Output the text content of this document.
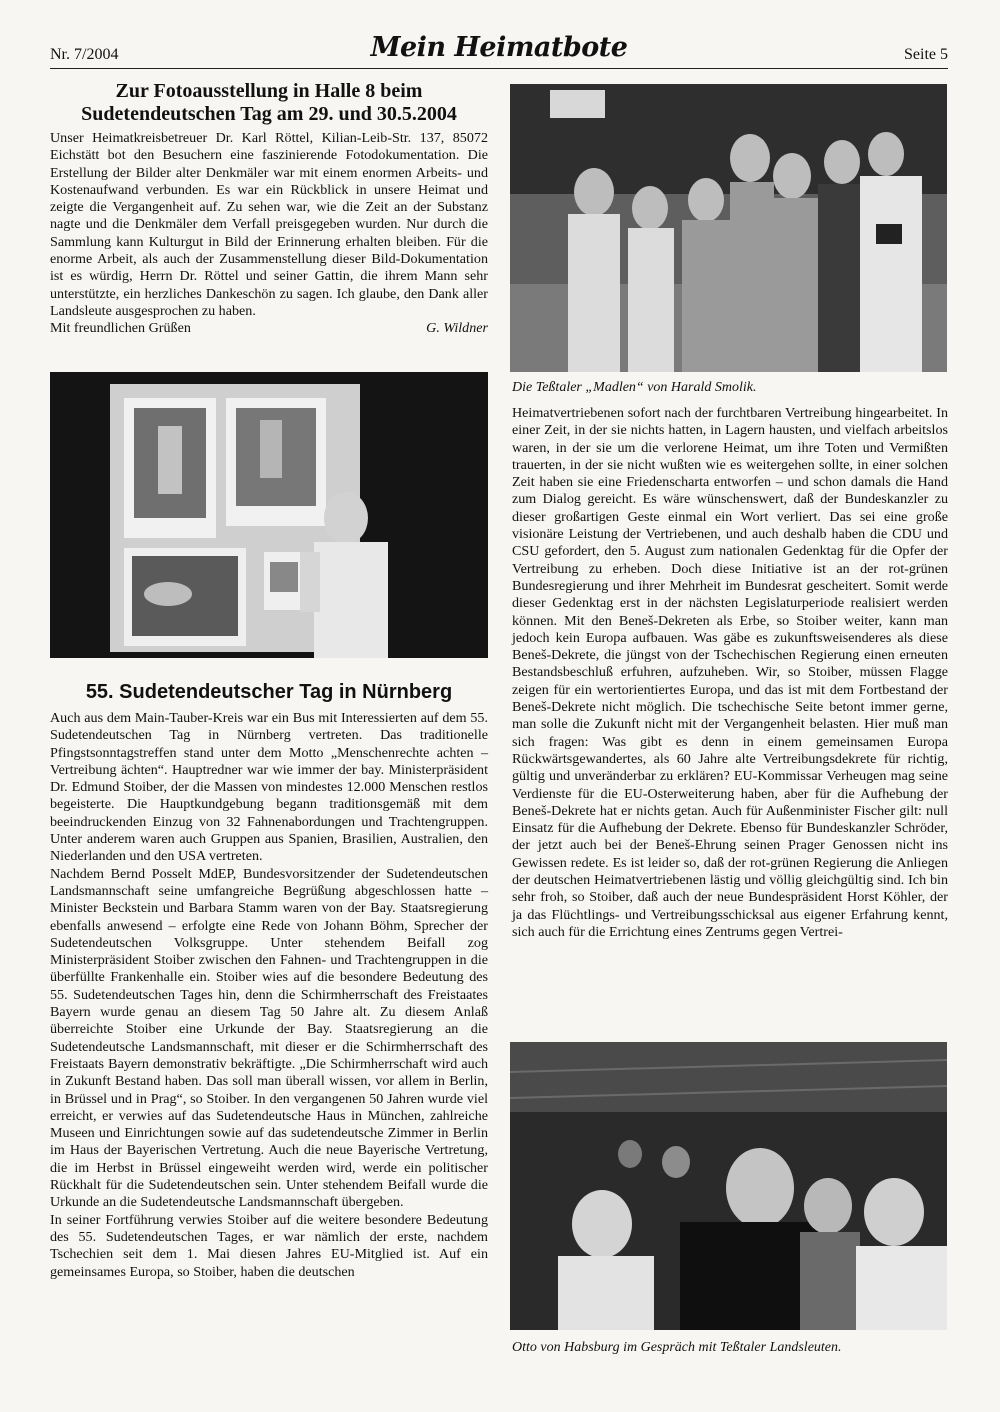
Nr. 7/2004	Mein Heimatbote	Seite 5
Zur Fotoausstellung in Halle 8 beim
Sudetendeutschen Tag am 29. und 30.5.2004

Unser Heimatkreisbetreuer Dr. Karl Röttel, Kilian-Leib-Str. 137, 85072 Eichstätt bot den Besuchern eine faszinierende Fotodokumentation. Die Erstellung der Bilder alter Denkmäler war mit einem enormen Arbeits- und Kostenaufwand verbunden. Es war ein Rückblick in unsere Heimat und zeigte die Vergangenheit auf. Zu sehen war, wie die Zeit an der Substanz nagte und die Denkmäler dem Verfall preisgegeben wurden. Nur durch die Sammlung kann Kulturgut in Bild der Erinnerung erhalten bleiben. Für die enorme Arbeit, als auch der Zusammenstellung dieser Bild-Dokumentation ist es würdig, Herrn Dr. Röttel und seiner Gattin, die ihrem Mann sehr unterstützte, ein herzliches Dankeschön zu sagen. Ich glaube, den Dank aller Landsleute ausgesprochen zu haben.

Mit freundlichen Grüßen	G. Wildner
Die Teßtaler „Madlen“ von Harald Smolik.
55. Sudetendeutscher Tag in Nürnberg

Auch aus dem Main-Tauber-Kreis war ein Bus mit Interessierten auf dem 55. Sudetendeutschen Tag in Nürnberg vertreten. Das traditionelle Pfingstsonntagstreffen stand unter dem Motto „Menschenrechte achten – Vertreibung ächten“. Hauptredner war wie immer der bay. Ministerpräsident Dr. Edmund Stoiber, der die Massen von mindestes 12.000 Menschen restlos begeisterte. Die Hauptkundgebung begann traditionsgemäß mit dem beeindruckenden Einzug von 32 Fahnenabordungen und Trachtengruppen. Unter anderem waren auch Gruppen aus Spanien, Brasilien, Australien, den Niederlanden und den USA vertreten.

Nachdem Bernd Posselt MdEP, Bundesvorsitzender der Sudetendeutschen Landsmannschaft seine umfangreiche Begrüßung abgeschlossen hatte – Minister Beckstein und Barbara Stamm waren von der Bay. Staatsregierung ebenfalls anwesend – erfolgte eine Rede von Johann Böhm, Sprecher der Sudetendeutschen Volksgruppe. Unter stehendem Beifall zog Ministerpräsident Stoiber zwischen den Fahnen- und Trachtengruppen in die überfüllte Frankenhalle ein. Stoiber wies auf die besondere Bedeutung des 55. Sudetendeutschen Tages hin, denn die Schirmherrschaft des Freistaates Bayern wurde genau an diesem Tag 50 Jahre alt. Zu diesem Anlaß überreichte Stoiber eine Urkunde der Bay. Staatsregierung an die Sudetendeutsche Landsmannschaft, mit dieser er die Schirmherrschaft des Freistaats Bayern demonstrativ bekräftigte. „Die Schirmherrschaft wird auch in Zukunft Bestand haben. Das soll man überall wissen, vor allem in Berlin, in Brüssel und in Prag“, so Stoiber. In den vergangenen 50 Jahren wurde viel erreicht, er verwies auf das Sudetendeutsche Haus in München, zahlreiche Museen und Einrichtungen sowie auf das sudetendeutsche Zimmer in Berlin im Haus der Bayerischen Vertretung. Auch die neue Bayerische Vertretung, die im Herbst in Brüssel eingeweiht werden wird, werde ein politischer Rückhalt für die Sudetendeutschen sein. Unter stehendem Beifall wurde die Urkunde an die Sudetendeutsche Landsmannschaft übergeben.

In seiner Fortführung verwies Stoiber auf die weitere besondere Bedeutung des 55. Sudetendeutschen Tages, er war nämlich der erste, nachdem Tschechien seit dem 1. Mai diesen Jahres EU-Mitglied ist. Auf ein gemeinsames Europa, so Stoiber, haben die deutschen

Heimatvertriebenen sofort nach der furchtbaren Vertreibung hingearbeitet. In einer Zeit, in der sie nichts hatten, in Lagern hausten, und vielfach arbeitslos waren, in der sie um die verlorene Heimat, um ihre Toten und Vermißten trauerten, in der sie nicht wußten wie es weitergehen sollte, in einer solchen Zeit haben sie eine Friedenscharta entworfen – und schon damals die Hand zum Dialog gereicht. Es wäre wünschenswert, daß der Bundeskanzler zu dieser großartigen Geste einmal ein Wort verliert. Das sei eine große visionäre Leistung der Vertriebenen, und auch deshalb haben die CDU und CSU gefordert, den 5. August zum nationalen Gedenktag für die Opfer der Vertreibung zu erheben. Doch diese Initiative ist an der rot-grünen Bundesregierung und ihrer Mehrheit im Bundesrat gescheitert. Somit werde dieser Gedenktag erst in der nächsten Legislaturperiode realisiert werden können. Mit den Beneš-Dekreten als Erbe, so Stoiber weiter, kann man jedoch kein Europa aufbauen. Was gäbe es zukunftsweisenderes als diese Beneš-Dekrete, die jüngst von der Tschechischen Regierung einen erneuten Bestandsbeschluß erfuhren, aufzuheben. Wir, so Stoiber, müssen Flagge zeigen für ein wertorientiertes Europa, und das ist mit dem Fortbestand der Beneš-Dekrete nicht möglich. Die tschechische Seite betont immer gerne, man solle die Zukunft nicht mit der Vergangenheit belasten. Hier muß man sich fragen: Was gibt es denn in einem gemeinsamen Europa Rückwärtsgewandertes, als 60 Jahre alte Vertreibungsdekrete für richtig, gültig und unveränderbar zu erklären? EU-Kommissar Verheugen mag seine Verdienste für die EU-Osterweiterung haben, aber für die Aufhebung der Beneš-Dekrete hat er nichts getan. Auch für Außenminister Fischer gilt: null Einsatz für die Aufhebung der Dekrete. Ebenso für Bundeskanzler Schröder, der jetzt auch bei der Beneš-Ehrung seinen Prager Genossen nicht ins Gewissen redete. Es ist leider so, daß der rot-grünen Regierung die Anliegen der deutschen Heimatvertriebenen lästig und völlig gleichgültig sind. Ich bin sehr froh, so Stoiber, daß auch der neue Bundespräsident Horst Köhler, der ja das Flüchtlings- und Vertreibungsschicksal aus eigener Erfahrung kennt, sich auch für die Errichtung eines Zentrums gegen Vertrei-

Otto von Habsburg im Gespräch mit Teßtaler Landsleuten.
